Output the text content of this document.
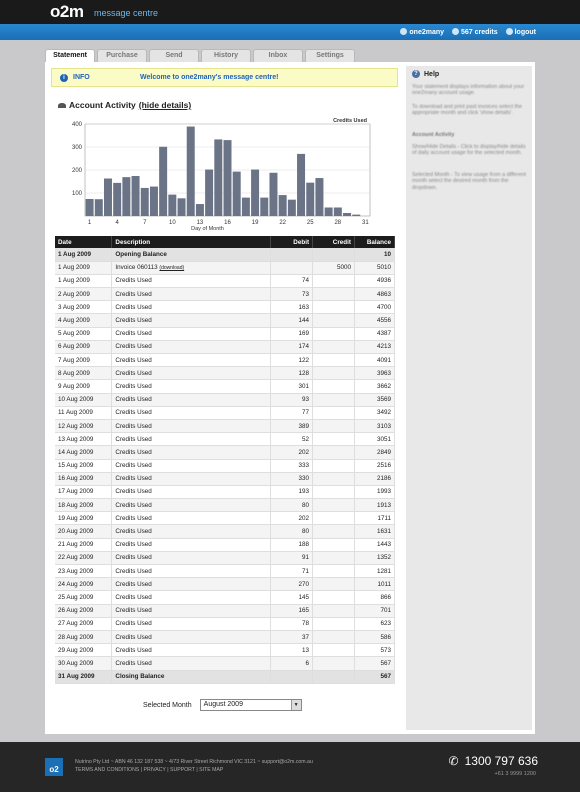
o2m message centre
one2many	567 credits	logout
Statement	Purchase	Send	History	Inbox	Settings
i	INFO	Welcome to one2many's message centre!
Account Activity (hide details)
100
200
300
400
1	4	7	10	13	16	19	22	25	28	31
Day of Month
Credits Used
Date	Description	Debit	Credit	Balance
1 Aug 2009	Opening Balance			10
1 Aug 2009	Invoice 060113 (download)		5000	5010
1 Aug 2009	Credits Used	74		4936
2 Aug 2009	Credits Used	73		4863
3 Aug 2009	Credits Used	163		4700
4 Aug 2009	Credits Used	144		4556
5 Aug 2009	Credits Used	169		4387
6 Aug 2009	Credits Used	174		4213
7 Aug 2009	Credits Used	122		4091
8 Aug 2009	Credits Used	128		3963
9 Aug 2009	Credits Used	301		3662
10 Aug 2009	Credits Used	93		3569
11 Aug 2009	Credits Used	77		3492
12 Aug 2009	Credits Used	389		3103
13 Aug 2009	Credits Used	52		3051
14 Aug 2009	Credits Used	202		2849
15 Aug 2009	Credits Used	333		2516
16 Aug 2009	Credits Used	330		2186
17 Aug 2009	Credits Used	193		1993
18 Aug 2009	Credits Used	80		1913
19 Aug 2009	Credits Used	202		1711
20 Aug 2009	Credits Used	80		1631
21 Aug 2009	Credits Used	188		1443
22 Aug 2009	Credits Used	91		1352
23 Aug 2009	Credits Used	71		1281
24 Aug 2009	Credits Used	270		1011
25 Aug 2009	Credits Used	145		866
26 Aug 2009	Credits Used	165		701
27 Aug 2009	Credits Used	78		623
28 Aug 2009	Credits Used	37		586
29 Aug 2009	Credits Used	13		573
30 Aug 2009	Credits Used	6		567
31 Aug 2009	Closing Balance			567
Selected Month	August 2009	▼
? Help
Your statement displays information about your one2many account usage.
To download and print past invoices select the appropriate month and click 'show details'.
Account Activity
Show/Hide Details - Click to display/hide details of daily account usage for the selected month.
Selected Month - To view usage from a different month select the desired month from the dropdown.
o2
Nutrino Pty Ltd ~ ABN 46 132 187 538 ~ 4/73 River Street Richmond VIC 3121 ~ support@o2m.com.au
TERMS AND CONDITIONS | PRIVACY | SUPPORT | SITE MAP
✆ 1300 797 636
+61 3 9999 1200
